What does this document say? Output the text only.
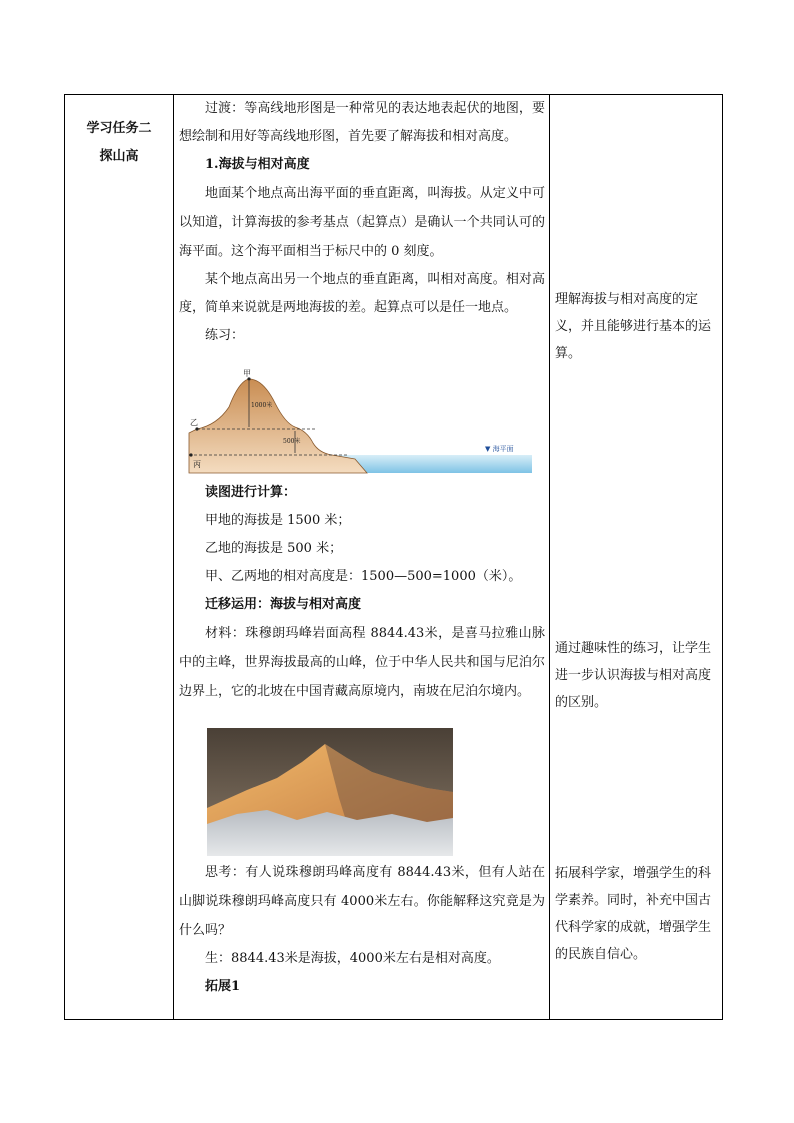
学习任务二
探山高

过渡：等高线地形图是一种常见的表达地表起伏的地图，要想绘制和用好等高线地形图，首先要了解海拔和相对高度。

1.海拔与相对高度

地面某个地点高出海平面的垂直距离，叫海拔。从定义中可以知道，计算海拔的参考基点（起算点）是确认一个共同认可的海平面。这个海平面相当于标尺中的 0 刻度。

某个地点高出另一个地点的垂直距离，叫相对高度。相对高度，简单来说就是两地海拔的差。起算点可以是任一地点。

练习：

甲
乙
丙
1000米
500米
▼ 海平面

读图进行计算：

甲地的海拔是 1500 米；

乙地的海拔是 500 米；

甲、乙两地的相对高度是：1500—500=1000（米）。

迁移运用：海拔与相对高度

材料：珠穆朗玛峰岩面高程 8844.43米，是喜马拉雅山脉中的主峰，世界海拔最高的山峰，位于中华人民共和国与尼泊尔边界上，它的北坡在中国青藏高原境内，南坡在尼泊尔境内。

思考：有人说珠穆朗玛峰高度有 8844.43米，但有人站在山脚说珠穆朗玛峰高度只有 4000米左右。你能解释这究竟是为什么吗？

生：8844.43米是海拔，4000米左右是相对高度。

拓展1

理解海拔与相对高度的定义，并且能够进行基本的运算。
通过趣味性的练习，让学生进一步认识海拔与相对高度的区别。
拓展科学家，增强学生的科学素养。同时，补充中国古代科学家的成就，增强学生的民族自信心。
